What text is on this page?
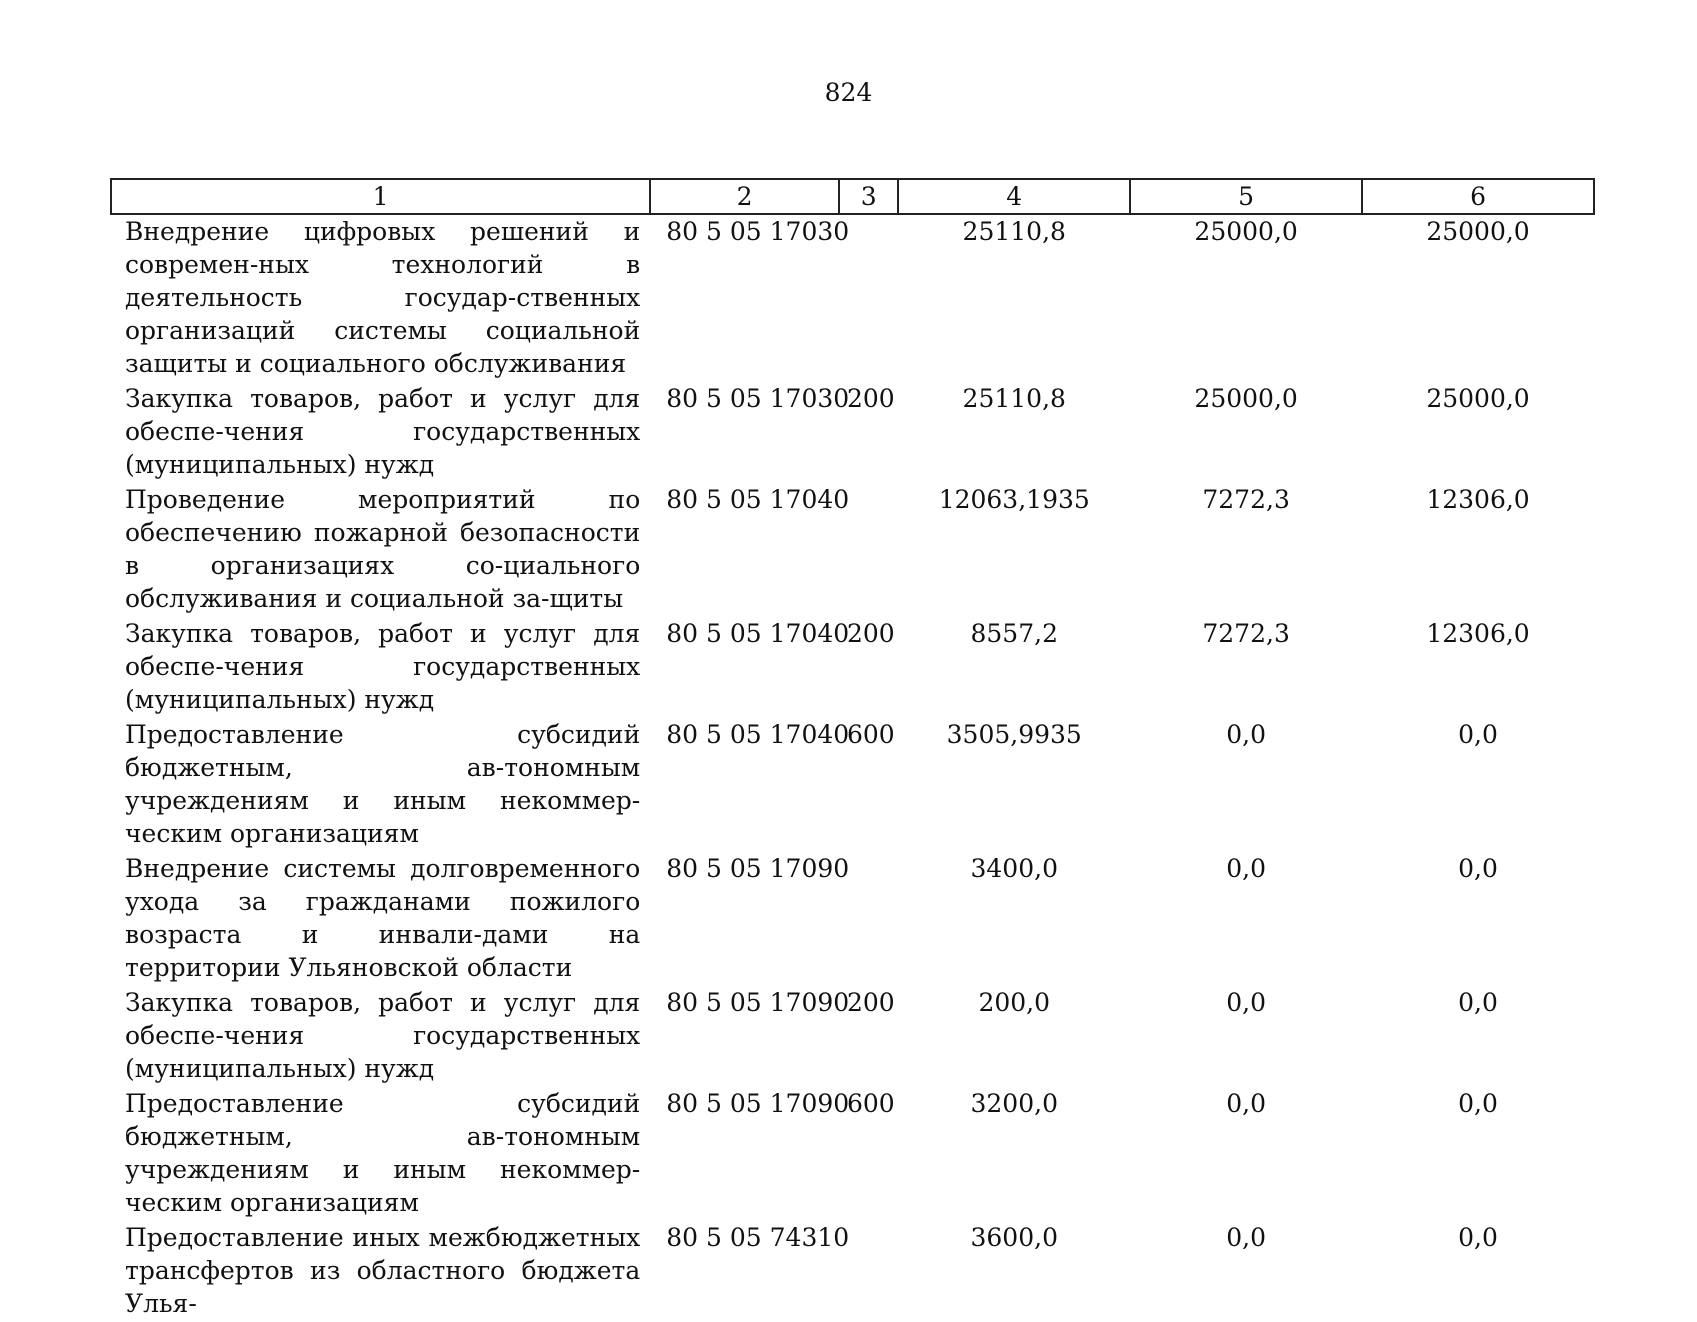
824
1	2	3	4	5	6
Внедрение цифровых решений и современ-ных технологий в деятельность государ-ственных организаций системы социальной защиты и социального обслуживания	80 5 05 17030		25110,8	25000,0	25000,0
Закупка товаров, работ и услуг для обеспе-чения государственных (муниципальных) нужд	80 5 05 17030	200	25110,8	25000,0	25000,0
Проведение мероприятий по обеспечению пожарной безопасности в организациях со-циального обслуживания и социальной за-щиты	80 5 05 17040		12063,1935	7272,3	12306,0
Закупка товаров, работ и услуг для обеспе-чения государственных (муниципальных) нужд	80 5 05 17040	200	8557,2	7272,3	12306,0
Предоставление субсидий бюджетным, ав-тономным учреждениям и иным некоммер-ческим организациям	80 5 05 17040	600	3505,9935	0,0	0,0
Внедрение системы долговременного ухода за гражданами пожилого возраста и инвали-дами на территории Ульяновской области	80 5 05 17090		3400,0	0,0	0,0
Закупка товаров, работ и услуг для обеспе-чения государственных (муниципальных) нужд	80 5 05 17090	200	200,0	0,0	0,0
Предоставление субсидий бюджетным, ав-тономным учреждениям и иным некоммер-ческим организациям	80 5 05 17090	600	3200,0	0,0	0,0
Предоставление иных межбюджетных трансфертов из областного бюджета Улья-	80 5 05 74310		3600,0	0,0	0,0
